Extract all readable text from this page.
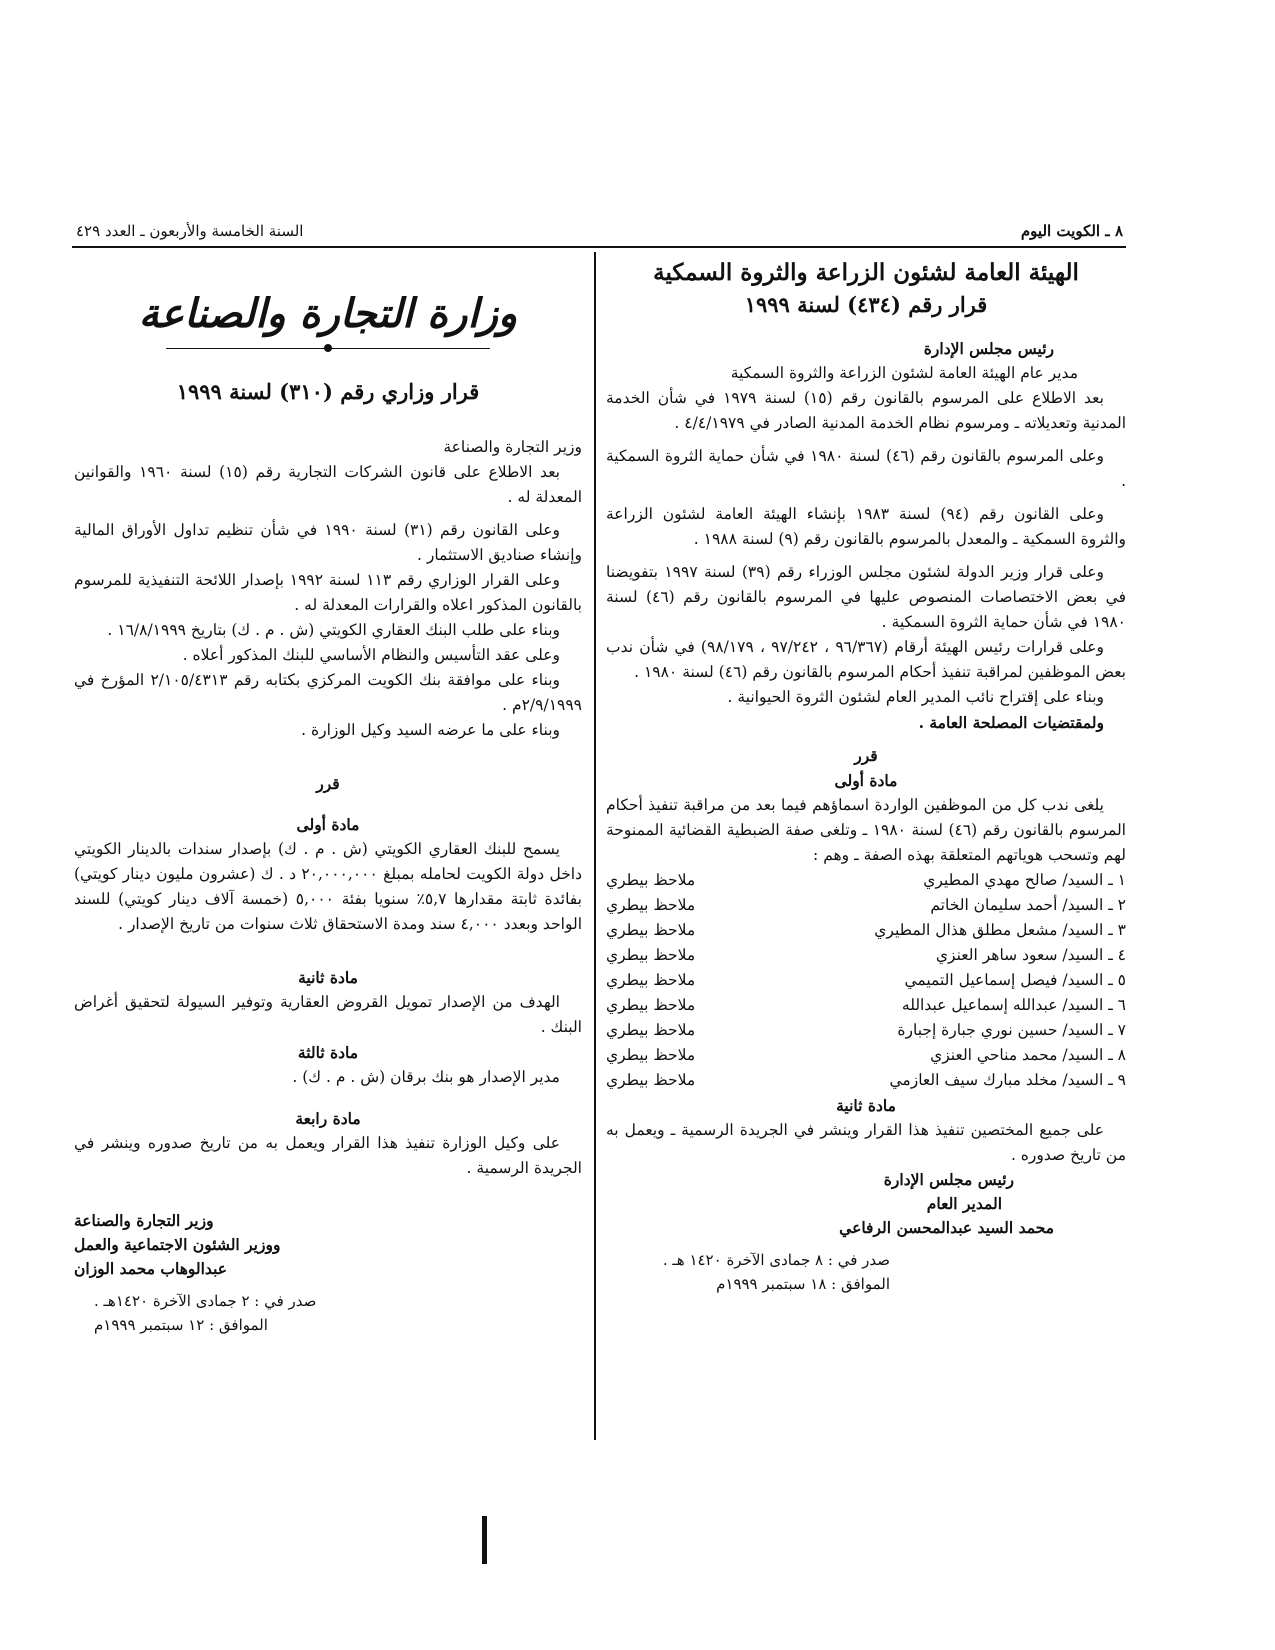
٨ ـ الكويت اليوم
السنة الخامسة والأربعون ـ العدد ٤٢٩
الهيئة العامة لشئون الزراعة والثروة السمكية
قرار رقم (٤٣٤) لسنة ١٩٩٩
رئيس مجلس الإدارة
مدير عام الهيئة العامة لشئون الزراعة والثروة السمكية

بعد الاطلاع على المرسوم بالقانون رقم (١٥) لسنة ١٩٧٩ في شأن الخدمة المدنية وتعديلاته ـ ومرسوم نظام الخدمة المدنية الصادر في ٤/٤/١٩٧٩ .

وعلى المرسوم بالقانون رقم (٤٦) لسنة ١٩٨٠ في شأن حماية الثروة السمكية .

وعلى القانون رقم (٩٤) لسنة ١٩٨٣ بإنشاء الهيئة العامة لشئون الزراعة والثروة السمكية ـ والمعدل بالمرسوم بالقانون رقم (٩) لسنة ١٩٨٨ .

وعلى قرار وزير الدولة لشئون مجلس الوزراء رقم (٣٩) لسنة ١٩٩٧ بتفويضنا في بعض الاختصاصات المنصوص عليها في المرسوم بالقانون رقم (٤٦) لسنة ١٩٨٠ في شأن حماية الثروة السمكية .

وعلى قرارات رئيس الهيئة أرقام (٩٦/٣٦٧ ، ٩٧/٢٤٢ ، ٩٨/١٧٩) في شأن ندب بعض الموظفين لمراقبة تنفيذ أحكام المرسوم بالقانون رقم (٤٦) لسنة ١٩٨٠ .

وبناء على إقتراح نائب المدير العام لشئون الثروة الحيوانية .

ولمقتضيات المصلحة العامة .

قرر
مادة أولى

يلغى ندب كل من الموظفين الواردة اسماؤهم فيما بعد من مراقبة تنفيذ أحكام المرسوم بالقانون رقم (٤٦) لسنة ١٩٨٠ ـ وتلغى صفة الضبطية القضائية الممنوحة لهم وتسحب هوياتهم المتعلقة بهذه الصفة ـ وهم :

١ ـ السيد/ صالح مهدي المطيري	ملاحظ بيطري
٢ ـ السيد/ أحمد سليمان الخاتم	ملاحظ بيطري
٣ ـ السيد/ مشعل مطلق هذال المطيري	ملاحظ بيطري
٤ ـ السيد/ سعود ساهر العنزي	ملاحظ بيطري
٥ ـ السيد/ فيصل إسماعيل التميمي	ملاحظ بيطري
٦ ـ السيد/ عبدالله إسماعيل عبدالله	ملاحظ بيطري
٧ ـ السيد/ حسين نوري جبارة إجبارة	ملاحظ بيطري
٨ ـ السيد/ محمد مناحي العنزي	ملاحظ بيطري
٩ ـ السيد/ مخلد مبارك سيف العازمي	ملاحظ بيطري
مادة ثانية

على جميع المختصين تنفيذ هذا القرار وينشر في الجريدة الرسمية ـ ويعمل به من تاريخ صدوره .

رئيس مجلس الإدارة
المدير العام
محمد السيد عبدالمحسن الرفاعي
صدر في : ٨ جمادى الآخرة ١٤٢٠ هـ .
الموافق : ١٨ سبتمبر ١٩٩٩م
وزارة التجارة والصناعة
قرار وزاري رقم (٣١٠) لسنة ١٩٩٩
وزير التجارة والصناعة

بعد الاطلاع على قانون الشركات التجارية رقم (١٥) لسنة ١٩٦٠ والقوانين المعدلة له .

وعلى القانون رقم (٣١) لسنة ١٩٩٠ في شأن تنظيم تداول الأوراق المالية وإنشاء صناديق الاستثمار .

وعلى القرار الوزاري رقم ١١٣ لسنة ١٩٩٢ بإصدار اللائحة التنفيذية للمرسوم بالقانون المذكور اعلاه والقرارات المعدلة له .

وبناء على طلب البنك العقاري الكويتي (ش . م . ك) بتاريخ ١٦/٨/١٩٩٩ .

وعلى عقد التأسيس والنظام الأساسي للبنك المذكور أعلاه .

وبناء على موافقة بنك الكويت المركزي بكتابه رقم ٢/١٠٥/٤٣١٣ المؤرخ في ٢/٩/١٩٩٩م .

وبناء على ما عرضه السيد وكيل الوزارة .

قرر
مادة أولى

يسمح للبنك العقاري الكويتي (ش . م . ك) بإصدار سندات بالدينار الكويتي داخل دولة الكويت لحامله بمبلغ ٢٠,٠٠٠,٠٠٠ د . ك (عشرون مليون دينار كويتي) بفائدة ثابتة مقدارها ٥,٧٪ سنويا بفئة ٥,٠٠٠ (خمسة آلاف دينار كويتي) للسند الواحد وبعدد ٤,٠٠٠ سند ومدة الاستحقاق ثلاث سنوات من تاريخ الإصدار .

مادة ثانية

الهدف من الإصدار تمويل القروض العقارية وتوفير السيولة لتحقيق أغراض البنك .

مادة ثالثة

مدير الإصدار هو بنك برقان (ش . م . ك) .

مادة رابعة

على وكيل الوزارة تنفيذ هذا القرار ويعمل به من تاريخ صدوره وينشر في الجريدة الرسمية .

وزير التجارة والصناعة
ووزير الشئون الاجتماعية والعمل
عبدالوهاب محمد الوزان
صدر في : ٢ جمادى الآخرة ١٤٢٠هـ .
الموافق : ١٢ سبتمبر ١٩٩٩م
